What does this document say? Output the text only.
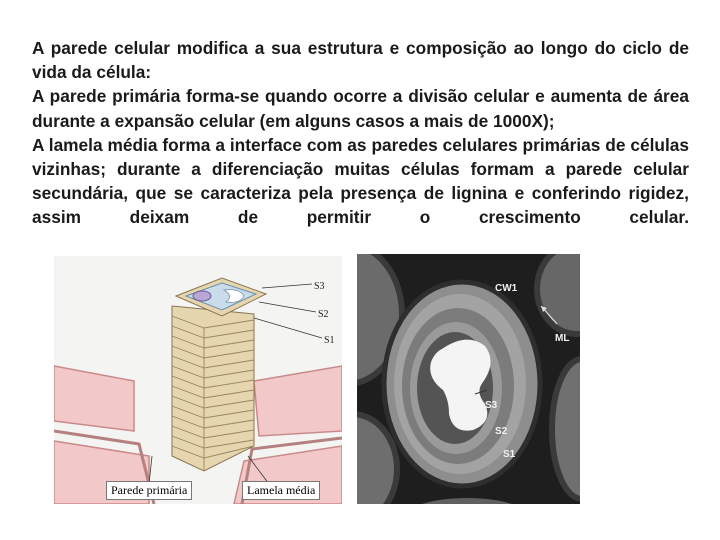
A parede celular modifica a sua estrutura e composição ao longo do ciclo de vida da célula:

A parede primária forma-se quando ocorre a divisão celular e aumenta de área durante a expansão celular (em alguns casos a mais de 1000X);

A lamela média forma a interface com as paredes celulares primárias de células vizinhas; durante a diferenciação muitas células formam a parede celular secundária, que se caracteriza pela presença de lignina e conferindo rigidez, assim deixam de permitir o crescimento celular.

S3
S2
S1
Parede primária	Lamela média
CW1
ML
S3
S2
S1
